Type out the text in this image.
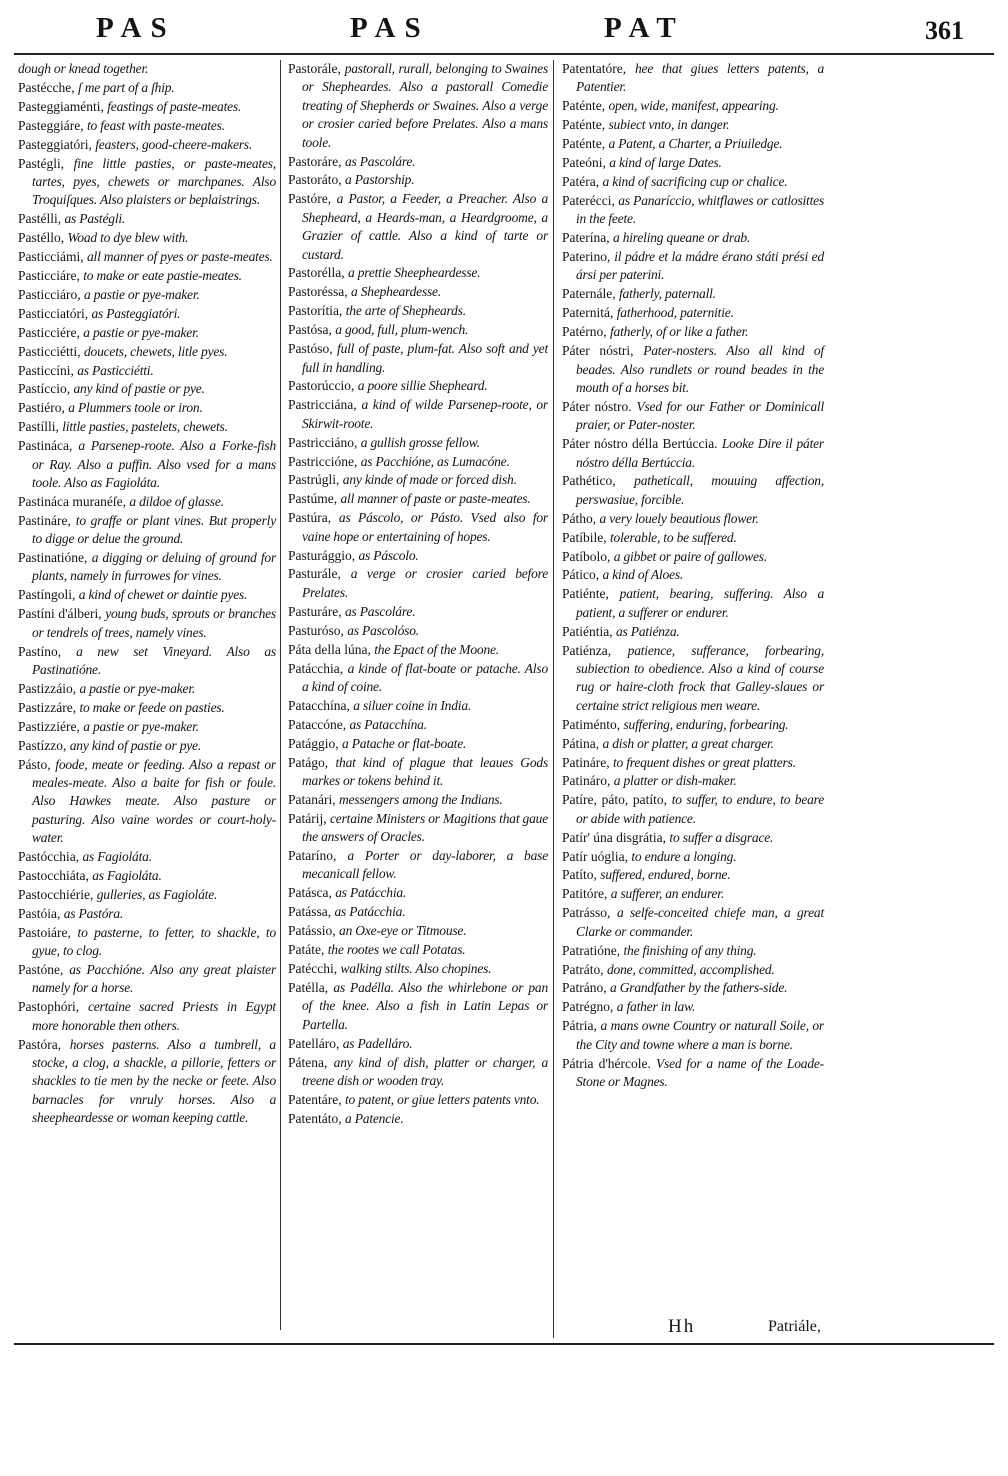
PAS	PAS	PAT	361
dough or knead together.
Pastécche, ſ me part of a ſhip.
Pasteggiaménti, feastings of paste-meates.
Pasteggiáre, to feast with paste-meates.
Pasteggiatóri, feasters, good-cheere-makers.
Pastégli, fine little pasties, or paste-meates, tartes, pyes, chewets or marchpanes. Also Troquiſques. Also plaisters or beplaistrings.
Pastélli, as Pastégli.
Pastéllo, Woad to dye blew with.
Pasticciámi, all manner of pyes or paste-meates.
Pasticciáre, to make or eate pastie-meates.
Pasticciáro, a pastie or pye-maker.
Pasticciatóri, as Pasteggiatóri.
Pasticciére, a pastie or pye-maker.
Pasticciétti, doucets, chewets, litle pyes.
Pasticcíni, as Pasticciétti.
Pastíccio, any kind of pastie or pye.
Pastiéro, a Plummers toole or iron.
Pastílli, little pasties, pastelets, chewets.
Pastináca, a Parsenep-roote. Also a Forke-fish or Ray. Also a puffin. Also vsed for a mans toole. Also as Fagioláta.
Pastináca muranéſe, a dildoe of glasse.
Pastináre, to graffe or plant vines. But properly to digge or delue the ground.
Pastinatióne, a digging or deluing of ground for plants, namely in furrowes for vines.
Pastíngoli, a kind of chewet or daintie pyes.
Pastíni d'álberi, young buds, sprouts or branches or tendrels of trees, namely vines.
Pastíno, a new set Vineyard. Also as Pastinatióne.
Pastizzáio, a pastie or pye-maker.
Pastizzáre, to make or feede on pasties.
Pastizziére, a pastie or pye-maker.
Pastízzo, any kind of pastie or pye.
Pásto, foode, meate or feeding. Also a repast or meales-meate. Also a baite for fish or foule. Also Hawkes meate. Also pasture or pasturing. Also vaine wordes or court-holy-water.
Pastócchia, as Fagioláta.
Pastocchiáta, as Fagioláta.
Pastocchiérie, gulleries, as Fagioláte.
Pastóia, as Pastóra.
Pastoiáre, to pasterne, to fetter, to shackle, to gyue, to clog.
Pastóne, as Pacchióne. Also any great plaister namely for a horse.
Pastophóri, certaine sacred Priests in Egypt more honorable then others.
Pastóra, horses pasterns. Also a tumbrell, a stocke, a clog, a shackle, a pillorie, fetters or shackles to tie men by the necke or feete. Also barnacles for vnruly horses. Also a sheepheardesse or woman keeping cattle.
Pastorále, pastorall, rurall, belonging to Swaines or Shepheardes. Also a pastorall Comedie treating of Shepherds or Swaines. Also a verge or crosier caried before Prelates. Also a mans toole.
Pastoráre, as Pascoláre.
Pastoráto, a Pastorship.
Pastóre, a Pastor, a Feeder, a Preacher. Also a Shepheard, a Heards-man, a Heardgroome, a Grazier of cattle. Also a kind of tarte or custard.
Pastorélla, a prettie Sheepheardesse.
Pastoréssa, a Shepheardesse.
Pastorítia, the arte of Shepheards.
Pastósa, a good, full, plum-wench.
Pastóso, full of paste, plum-fat. Also soft and yet full in handling.
Pastorúccio, a poore sillie Shepheard.
Pastricciána, a kind of wilde Parsenep-roote, or Skirwit-roote.
Pastricciáno, a gullish grosse fellow.
Pastriccióne, as Pacchióne, as Lumacóne.
Pastrúgli, any kinde of made or forced dish.
Pastúme, all manner of paste or paste-meates.
Pastúra, as Páscolo, or Pásto. Vsed also for vaine hope or entertaining of hopes.
Pasturággio, as Páscolo.
Pasturále, a verge or crosier caried before Prelates.
Pasturáre, as Pascoláre.
Pasturóso, as Pascolóso.
Páta della lúna, the Epact of the Moone.
Patácchia, a kinde of flat-boate or patache. Also a kind of coine.
Patacchína, a siluer coine in India.
Pataccóne, as Patacchína.
Patággio, a Patache or flat-boate.
Patágo, that kind of plague that leaues Gods markes or tokens behind it.
Patanári, messengers among the Indians.
Patárij, certaine Ministers or Magitions that gaue the answers of Oracles.
Pataríno, a Porter or day-laborer, a base mecanicall fellow.
Patásca, as Patácchia.
Patássa, as Patácchia.
Patássio, an Oxe-eye or Titmouse.
Patáte, the rootes we call Potatas.
Patécchi, walking stilts. Also chopines.
Patélla, as Padélla. Also the whirlebone or pan of the knee. Also a fish in Latin Lepas or Partella.
Patelláro, as Padelláro.
Pátena, any kind of dish, platter or charger, a treene dish or wooden tray.
Patentáre, to patent, or giue letters patents vnto.
Patentáto, a Patencie.
Patentatóre, hee that giues letters patents, a Patentier.
Paténte, open, wide, manifest, appearing.
Paténte, subiect vnto, in danger.
Paténte, a Patent, a Charter, a Priuiledge.
Pateóni, a kind of large Dates.
Patéra, a kind of sacrificing cup or chalice.
Paterécci, as Panaríccio, whitflawes or catlosittes in the feete.
Paterína, a hireling queane or drab.
Paterino, il pádre et la mádre érano státi prési ed ársi per paterini.
Paternále, fatherly, paternall.
Paternitá, fatherhood, paternitie.
Patérno, fatherly, of or like a father.
Páter nóstri, Pater-nosters. Also all kind of beades. Also rundlets or round beades in the mouth of a horses bit.
Páter nóstro. Vsed for our Father or Dominicall praier, or Pater-noster.
Páter nóstro délla Bertúccia. Looke Dire il páter nóstro délla Bertúccia.
Pathético, patheticall, mouuing affection, perswasiue, forcible.
Pátho, a very louely beautious flower.
Patíbile, tolerable, to be suffered.
Patíbolo, a gibbet or paire of gallowes.
Pático, a kind of Aloes.
Patiénte, patient, bearing, suffering. Also a patient, a sufferer or endurer.
Patiéntia, as Patiénza.
Patiénza, patience, sufferance, forbearing, subiection to obedience. Also a kind of course rug or haire-cloth frock that Galley-slaues or certaine strict religious men weare.
Patiménto, suffering, enduring, forbearing.
Pátina, a dish or platter, a great charger.
Patináre, to frequent dishes or great platters.
Patináro, a platter or dish-maker.
Patíre, páto, patíto, to suffer, to endure, to beare or abide with patience.
Patír' úna disgrátia, to suffer a disgrace.
Patír uóglia, to endure a longing.
Patíto, suffered, endured, borne.
Patitóre, a sufferer, an endurer.
Patrásso, a selfe-conceited chiefe man, a great Clarke or commander.
Patratióne, the finishing of any thing.
Patráto, done, committed, accomplished.
Patráno, a Grandfather by the fathers-side.
Patrégno, a father in law.
Pátria, a mans owne Country or naturall Soile, or the City and towne where a man is borne.
Pátria d'hércole. Vsed for a name of the Loade-Stone or Magnes.
Hh	Patriále,
